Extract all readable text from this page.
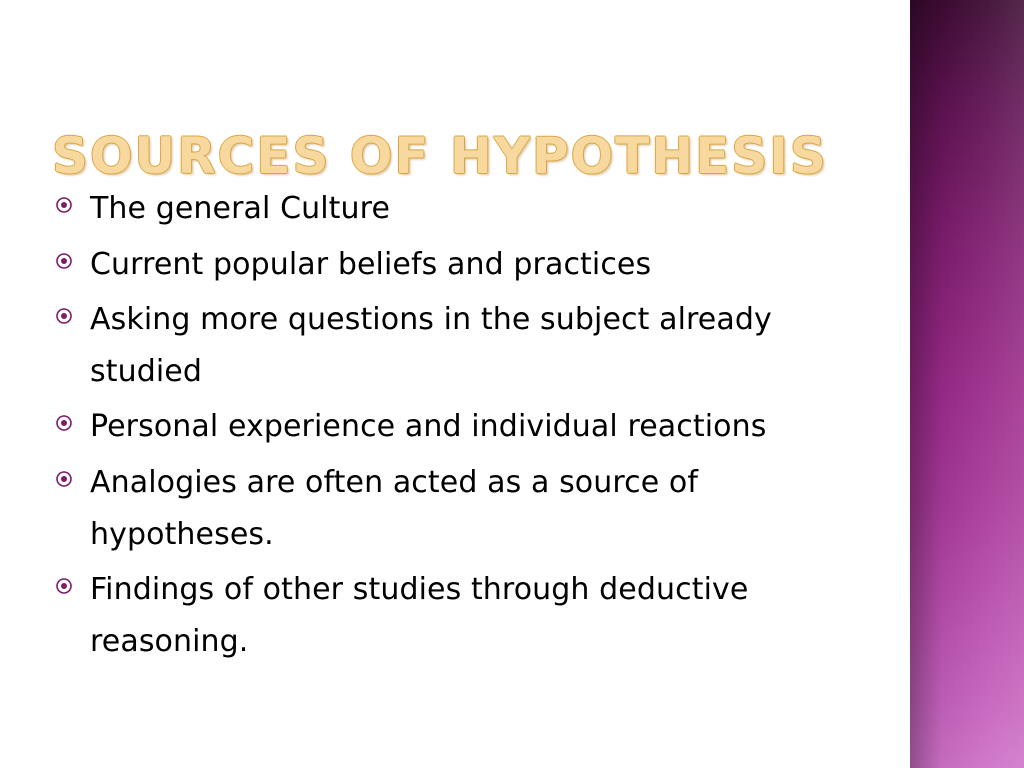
SOURCES OF HYPOTHESIS
The general Culture
Current popular beliefs and practices
Asking more questions in the subject already studied
Personal experience and individual reactions
Analogies are often acted as a source of hypotheses.
Findings of other studies through deductive reasoning.
